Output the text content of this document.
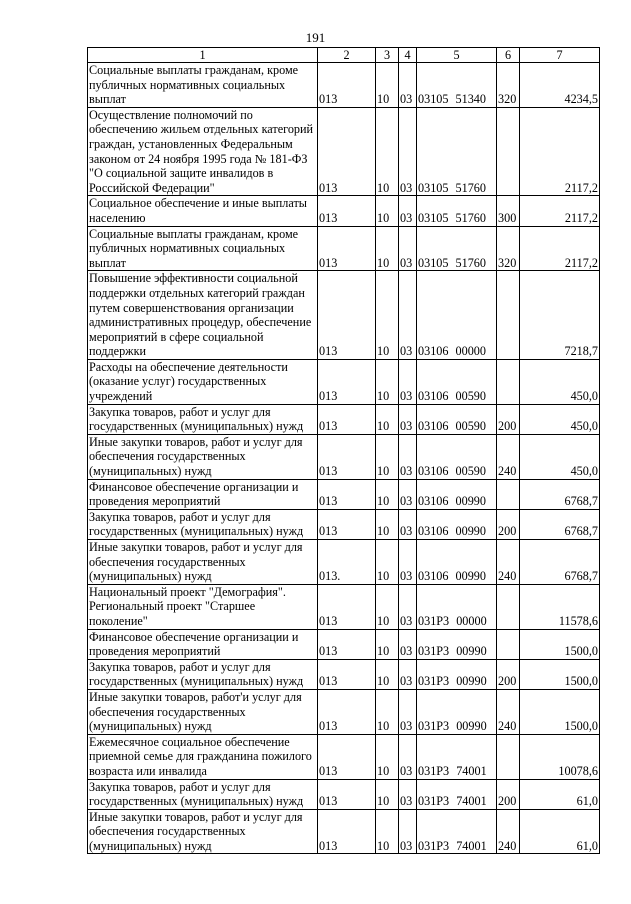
191
1	2	3	4	5	6	7
Социальные выплаты гражданам, кроме публичных нормативных социальных выплат	013	10	03	03105 51340	320	4234,5
Осуществление полномочий по обеспечению жильем отдельных категорий граждан, установленных Федеральным законом от 24 ноября 1995 года № 181-ФЗ "О социальной защите инвалидов в Российской Федерации"	013	10	03	03105 51760		2117,2
Социальное обеспечение и иные выплаты населению	013	10	03	03105 51760	300	2117,2
Социальные выплаты гражданам, кроме публичных нормативных социальных выплат	013	10	03	03105 51760	320	2117,2
Повышение эффективности социальной поддержки отдельных категорий граждан путем совершенствования организации административных процедур, обеспечение мероприятий в сфере социальной поддержки	013	10	03	03106 00000		7218,7
Расходы на обеспечение деятельности (оказание услуг) государственных учреждений	013	10	03	03106 00590		450,0
Закупка товаров, работ и услуг для государственных (муниципальных) нужд	013	10	03	03106 00590	200	450,0
Иные закупки товаров, работ и услуг для обеспечения государственных (муниципальных) нужд	013	10	03	03106 00590	240	450,0
Финансовое обеспечение организации и проведения мероприятий	013	10	03	03106 00990		6768,7
Закупка товаров, работ и услуг для государственных (муниципальных) нужд	013	10	03	03106 00990	200	6768,7
Иные закупки товаров, работ и услуг для обеспечения государственных (муниципальных) нужд	013.	10	03	03106 00990	240	6768,7
Национальный проект "Демография". Региональный проект "Старшее поколение"	013	10	03	031P3 00000		11578,6
Финансовое обеспечение организации и проведения мероприятий	013	10	03	031P3 00990		1500,0
Закупка товаров, работ и услуг для государственных (муниципальных) нужд	013	10	03	031P3 00990	200	1500,0
Иные закупки товаров, работ'и услуг для обеспечения государственных (муниципальных) нужд	013	10	03	031P3 00990	240	1500,0
Ежемесячное социальное обеспечение приемной семье для гражданина пожилого возраста или инвалида	013	10	03	031P3 74001		10078,6
Закупка товаров, работ и услуг для государственных (муниципальных) нужд	013	10	03	031P3 74001	200	61,0
Иные закупки товаров, работ и услуг для обеспечения государственных (муниципальных) нужд	013	10	03	031P3 74001	240	61,0
